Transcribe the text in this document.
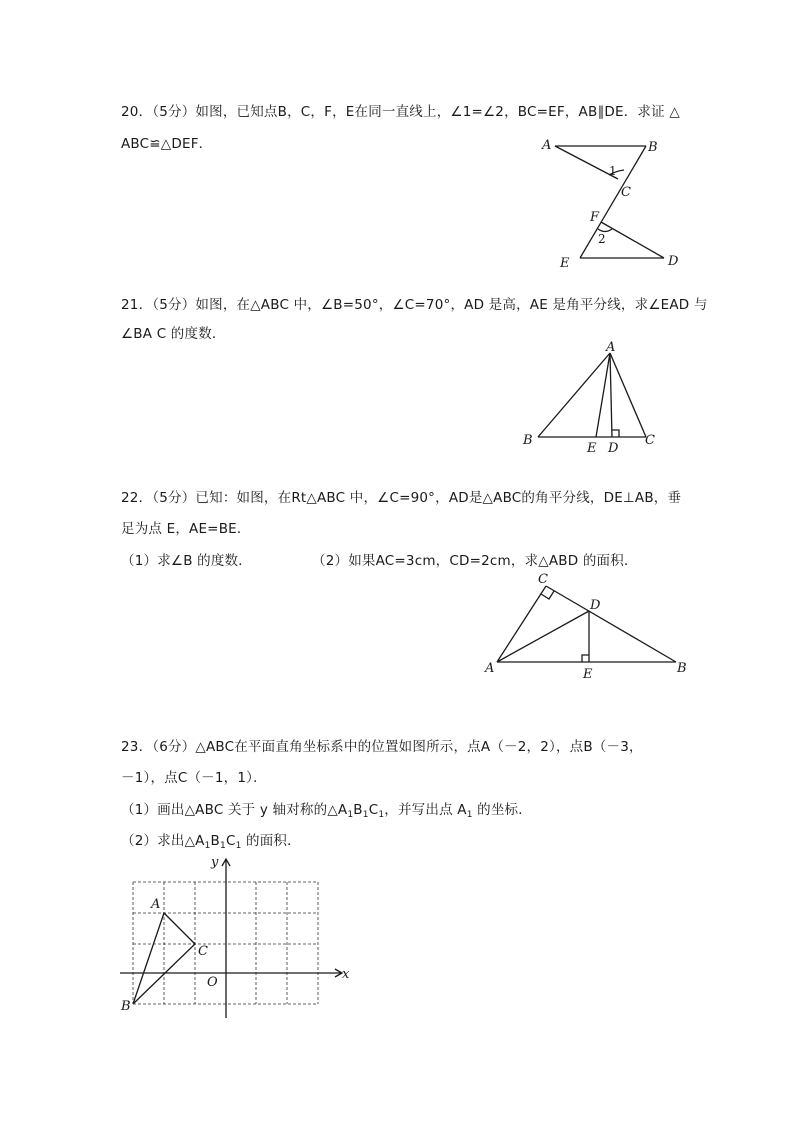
20．（5分）如图，已知点B，C，F，E在同一直线上，∠1=∠2，BC=EF，AB∥DE．求证 △
ABC≌△DEF．	A	B
1
C
F
2
E	D
21．（5分）如图，在△ABC 中，∠B=50°，∠C=70°，AD 是高，AE 是角平分线，求∠EAD 与
∠BA C 的度数．
A
B
E D
C
22．（5分）已知：如图，在Rt△ABC 中，∠C=90°，AD是△ABC的角平分线，DE⊥AB，垂
足为点 E，AE=BE．
（1）求∠B 的度数．	（2）如果AC=3cm，CD=2cm，求△ABD 的面积．
C
D
A	E	B
23．（6分）△ABC在平面直角坐标系中的位置如图所示，点A（－2，2），点B（－3，
－1），点C（－1，1）．
（1）画出△ABC 关于 y 轴对称的$\triangle A_1B_1C_1$，并写出点 $A_1$ 的坐标．
（2）求出$\triangle A_1B_1C_1$ 的面积．
y
x
O
A
B
C
